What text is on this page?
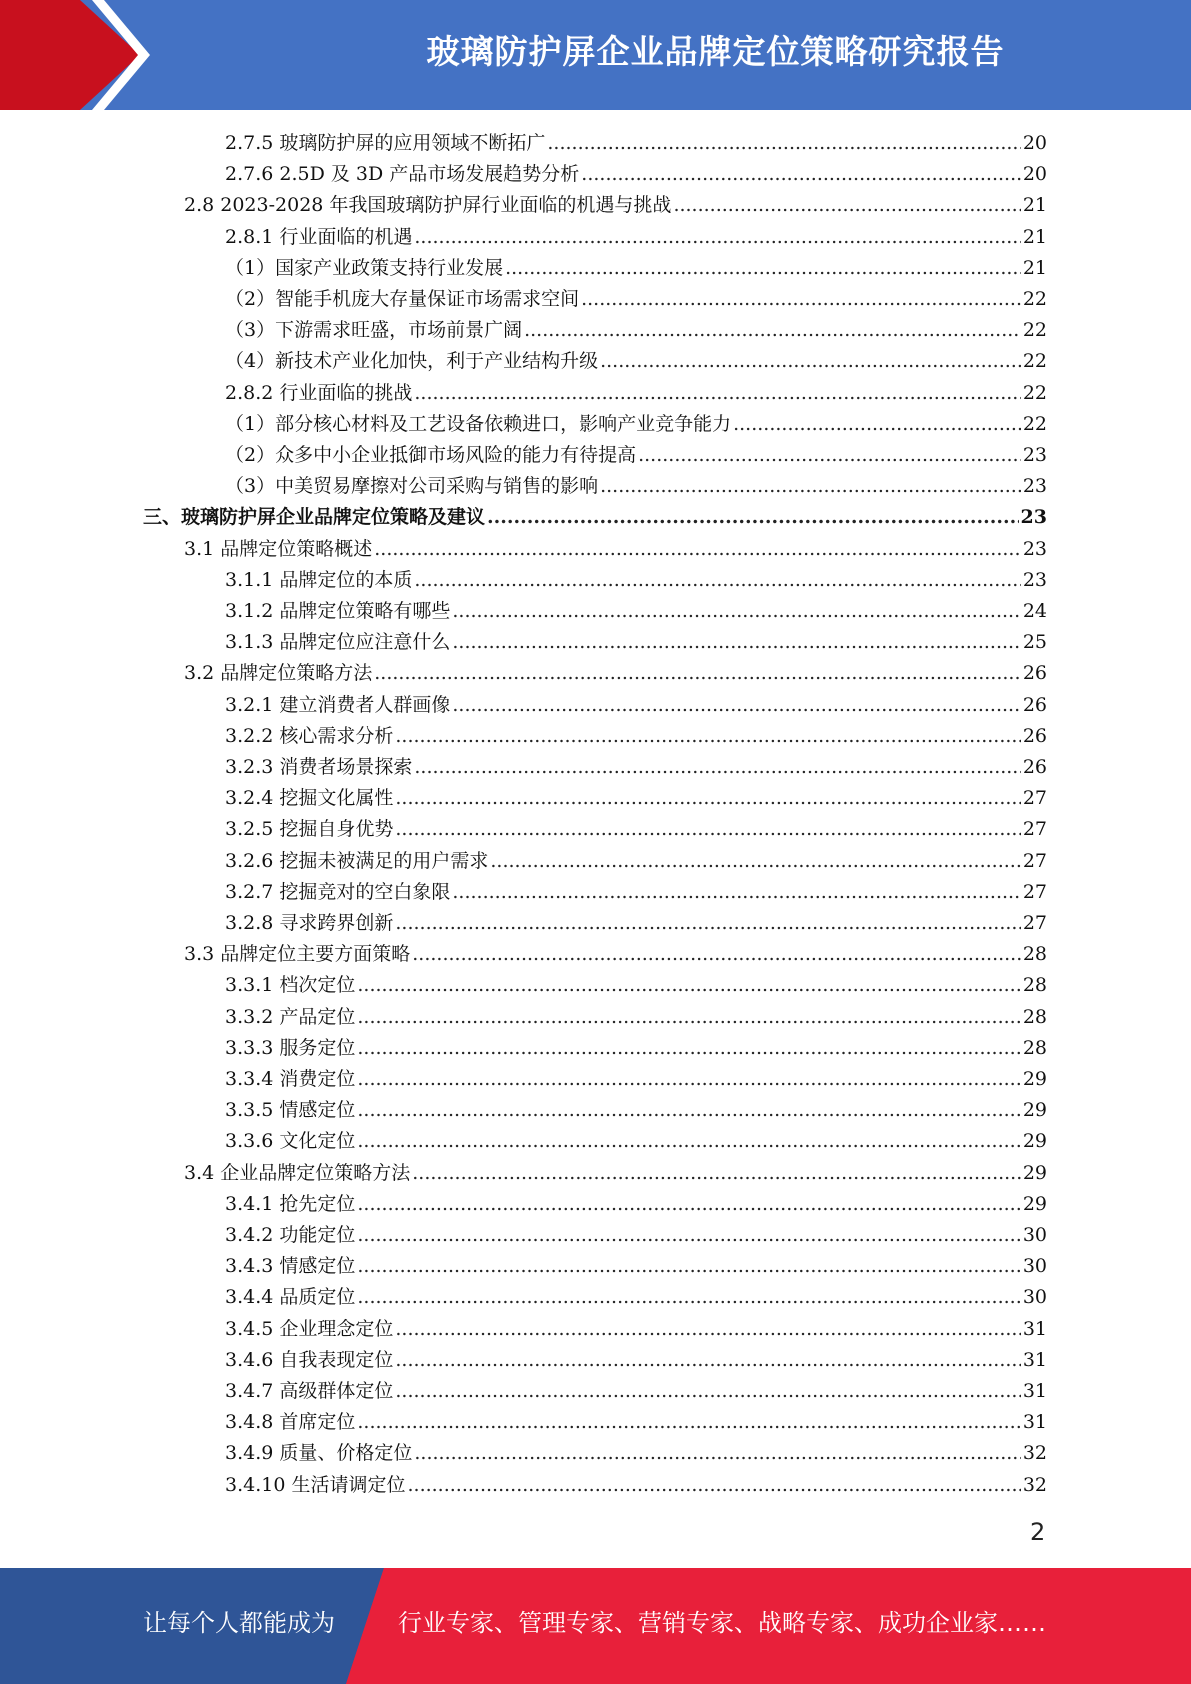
玻璃防护屏企业品牌定位策略研究报告
2.7.5 玻璃防护屏的应用领域不断拓广 .....	20
2.7.6 2.5D 及 3D 产品市场发展趋势分析 .....	20
2.8 2023-2028 年我国玻璃防护屏行业面临的机遇与挑战 .....	21
2.8.1 行业面临的机遇 .....	21
（1）国家产业政策支持行业发展 .....	21
（2）智能手机庞大存量保证市场需求空间 .....	22
（3）下游需求旺盛，市场前景广阔 .....	22
（4）新技术产业化加快，利于产业结构升级 .....	22
2.8.2 行业面临的挑战 .....	22
（1）部分核心材料及工艺设备依赖进口，影响产业竞争能力 .....	22
（2）众多中小企业抵御市场风险的能力有待提高 .....	23
（3）中美贸易摩擦对公司采购与销售的影响 .....	23
三、玻璃防护屏企业品牌定位策略及建议 .....	23
3.1 品牌定位策略概述 .....	23
3.1.1 品牌定位的本质 .....	23
3.1.2 品牌定位策略有哪些 .....	24
3.1.3 品牌定位应注意什么 .....	25
3.2 品牌定位策略方法 .....	26
3.2.1 建立消费者人群画像 .....	26
3.2.2 核心需求分析 .....	26
3.2.3 消费者场景探索 .....	26
3.2.4 挖掘文化属性 .....	27
3.2.5 挖掘自身优势 .....	27
3.2.6 挖掘未被满足的用户需求 .....	27
3.2.7 挖掘竞对的空白象限 .....	27
3.2.8 寻求跨界创新 .....	27
3.3 品牌定位主要方面策略 .....	28
3.3.1 档次定位 .....	28
3.3.2 产品定位 .....	28
3.3.3 服务定位 .....	28
3.3.4 消费定位 .....	29
3.3.5 情感定位 .....	29
3.3.6 文化定位 .....	29
3.4 企业品牌定位策略方法 .....	29
3.4.1 抢先定位 .....	29
3.4.2 功能定位 .....	30
3.4.3 情感定位 .....	30
3.4.4 品质定位 .....	30
3.4.5 企业理念定位 .....	31
3.4.6 自我表现定位 .....	31
3.4.7 高级群体定位 .....	31
3.4.8 首席定位 .....	31
3.4.9 质量、价格定位 .....	32
3.4.10 生活请调定位 .....	32
2
让每个人都能成为	行业专家、管理专家、营销专家、战略专家、成功企业家……
